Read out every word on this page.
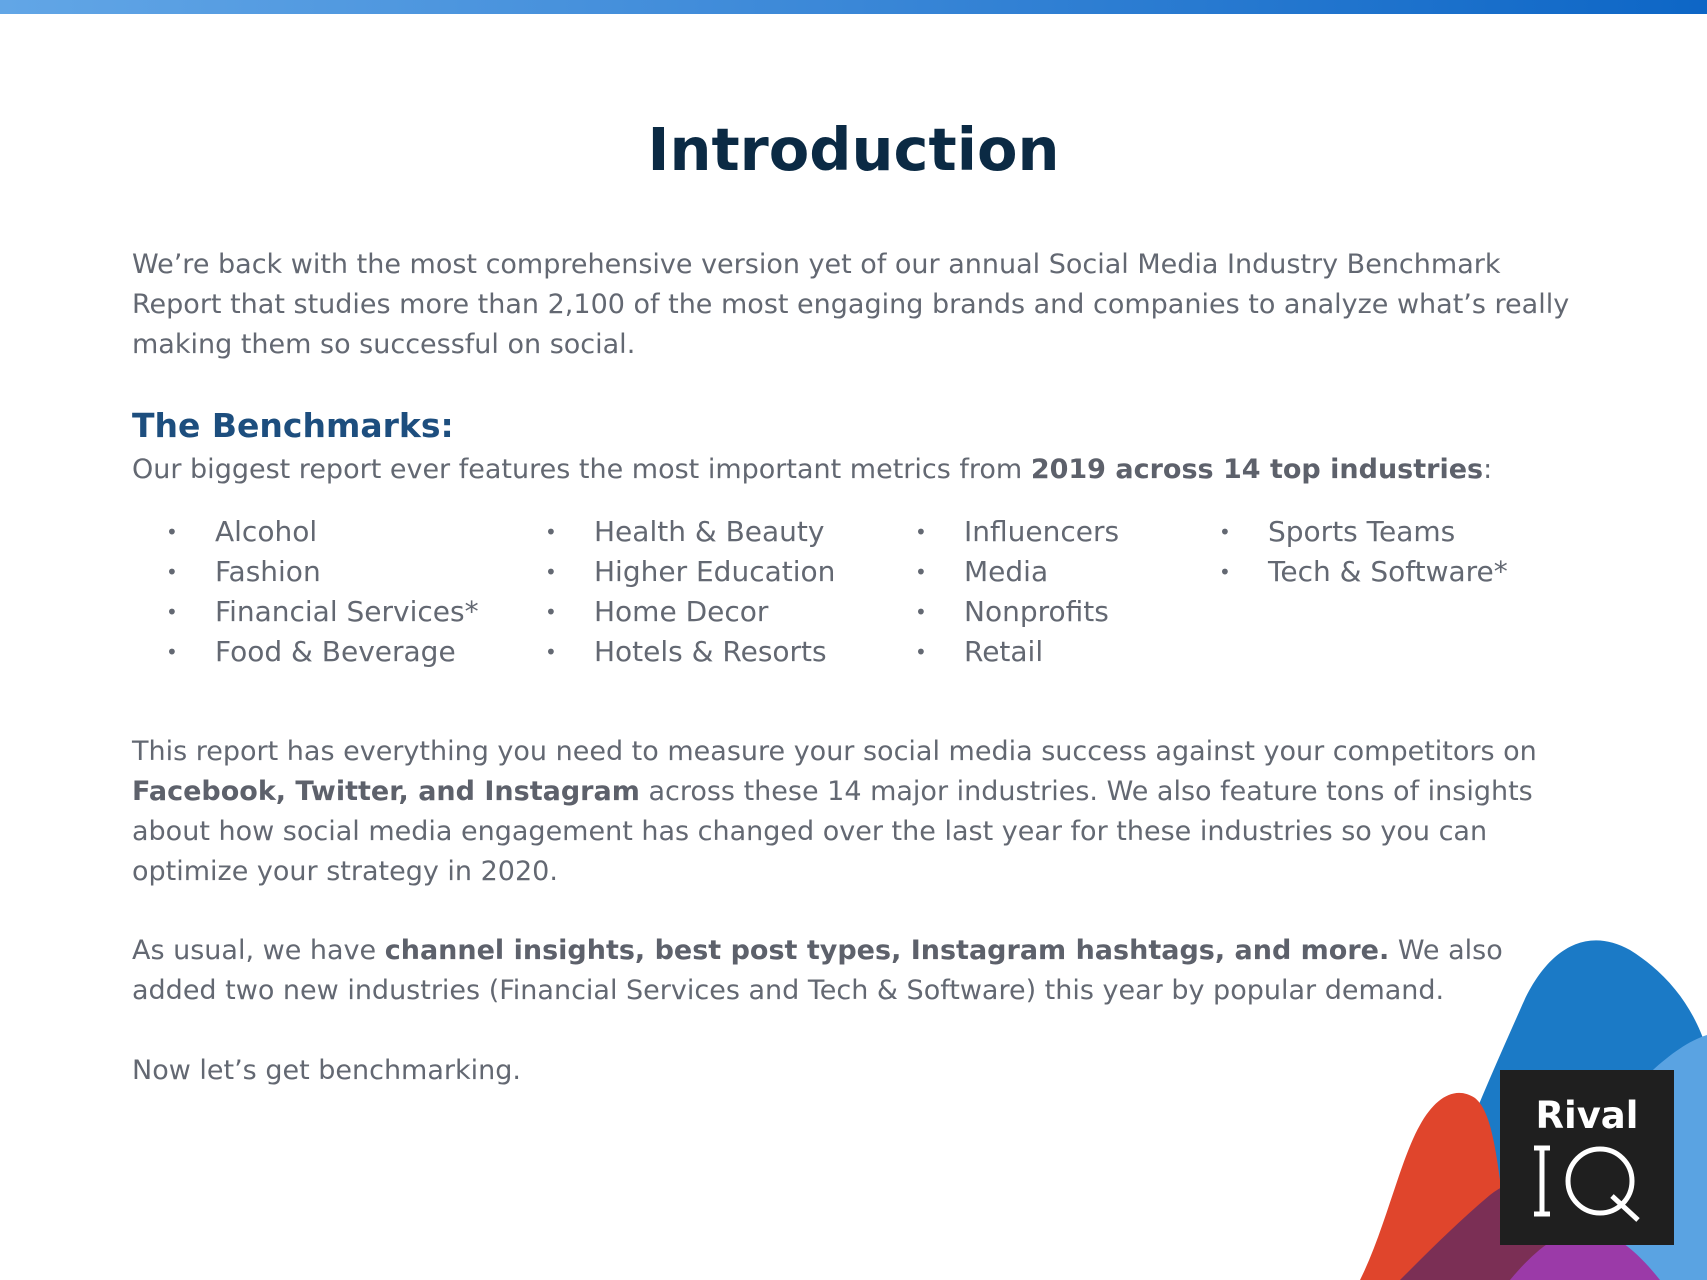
Introduction

We’re back with the most comprehensive version yet of our annual Social Media Industry Benchmark Report that studies more than 2,100 of the most engaging brands and companies to analyze what’s really making them so successful on social.

The Benchmarks:

Our biggest report ever features the most important metrics from 2019 across 14 top industries:

• Alcohol
• Fashion
• Financial Services*
• Food & Beverage
• Health & Beauty
• Higher Education
• Home Decor
• Hotels & Resorts
• Influencers
• Media
• Nonprofits
• Retail
• Sports Teams
• Tech & Software*

This report has everything you need to measure your social media success against your competitors on Facebook, Twitter, and Instagram across these 14 major industries. We also feature tons of insights about how social media engagement has changed over the last year for these industries so you can optimize your strategy in 2020.

As usual, we have channel insights, best post types, Instagram hashtags, and more. We also added two new industries (Financial Services and Tech & Software) this year by popular demand.

Now let’s get benchmarking.

Rival
